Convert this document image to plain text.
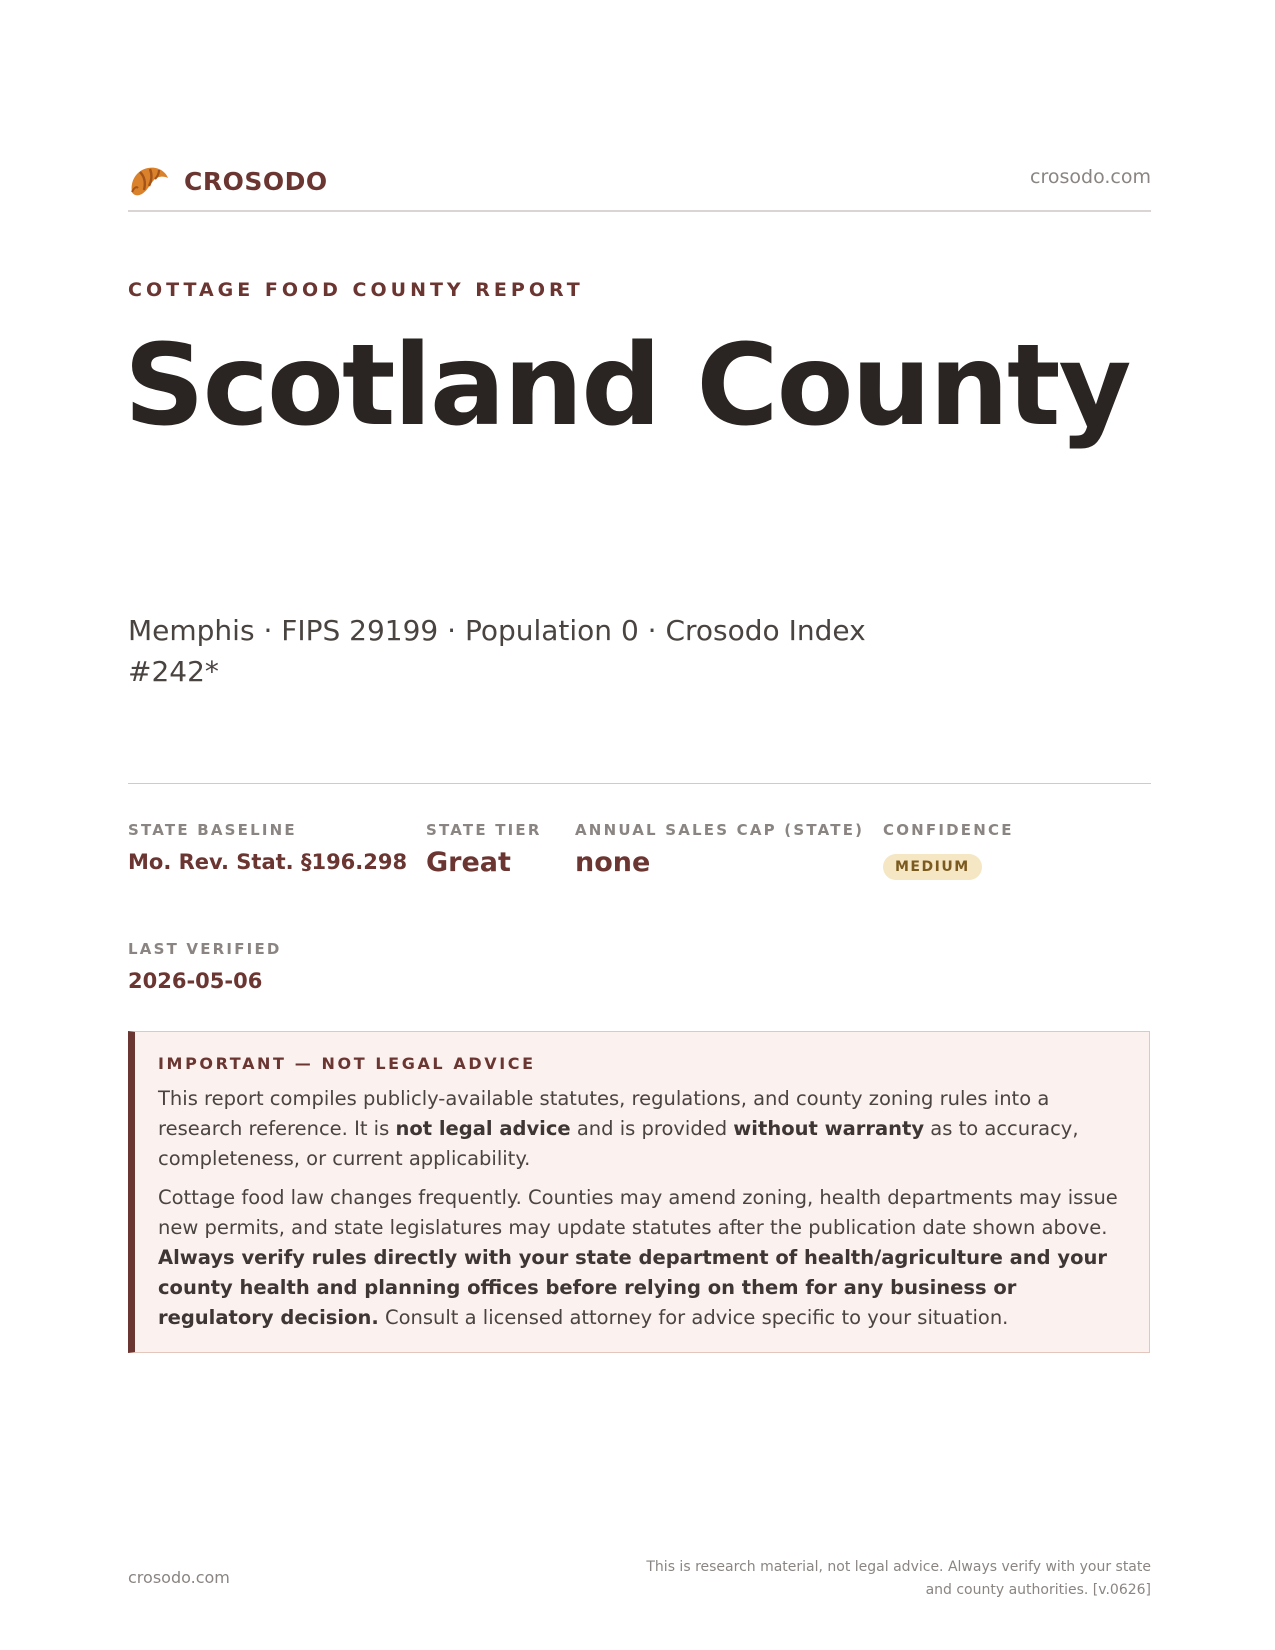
CROSODO	crosodo.com
COTTAGE FOOD COUNTY REPORT
Scotland County
Memphis · FIPS 29199 · Population 0 · Crosodo Index #242*
STATE BASELINE
Mo. Rev. Stat. §196.298
STATE TIER
Great
ANNUAL SALES CAP (STATE)
none
CONFIDENCE
MEDIUM
LAST VERIFIED
2026-05-06
IMPORTANT — NOT LEGAL ADVICE

This report compiles publicly-available statutes, regulations, and county zoning rules into a research reference. It is not legal advice and is provided without warranty as to accuracy, completeness, or current applicability.

Cottage food law changes frequently. Counties may amend zoning, health departments may issue new permits, and state legislatures may update statutes after the publication date shown above. Always verify rules directly with your state department of health/agriculture and your county health and planning offices before relying on them for any business or regulatory decision. Consult a licensed attorney for advice specific to your situation.

crosodo.com
This is research material, not legal advice. Always verify with your state
and county authorities. [v.0626]
